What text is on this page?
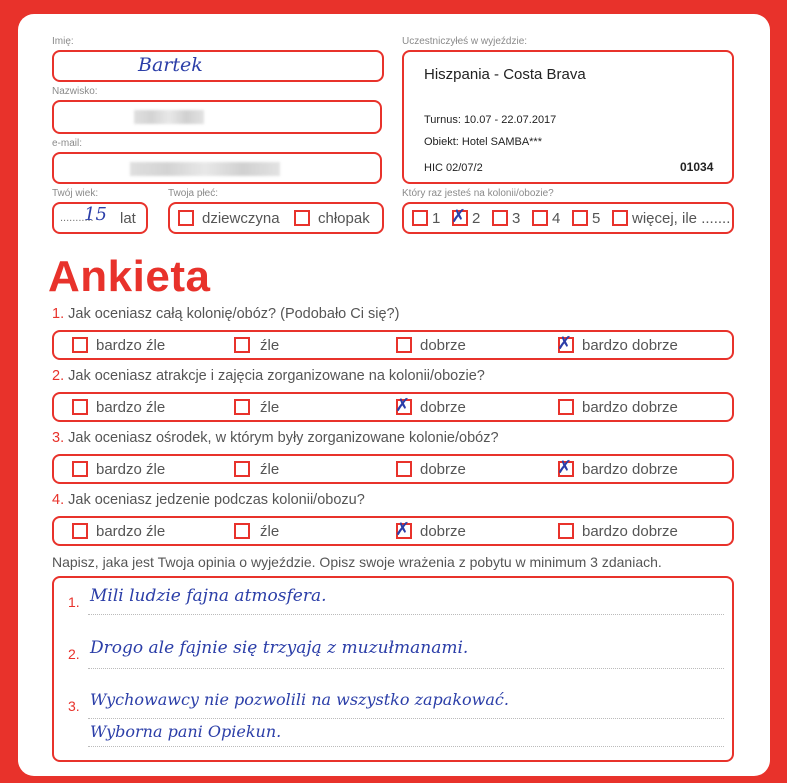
Imię:
Bartek
Nazwisko:
e-mail:
Twój wiek:
...........
15 lat
Twoja płeć:
dziewczyna	chłopak
Uczestniczyłeś w wyjeździe:
Hiszpania - Costa Brava
Turnus: 10.07 - 22.07.2017
Obiekt: Hotel SAMBA***
HIC 02/07/2	01034
Który raz jesteś na kolonii/obozie?
1 ✗ 2 3 4 5 więcej, ile .......
Ankieta
1. Jak oceniasz całą kolonię/obóz? (Podobało Ci się?)
bardzo źle	źle	dobrze	✗ bardzo dobrze
2. Jak oceniasz atrakcje i zajęcia zorganizowane na kolonii/obozie?
bardzo źle	źle	✗ dobrze	bardzo dobrze
3. Jak oceniasz ośrodek, w którym były zorganizowane kolonie/obóz?
bardzo źle	źle	dobrze	✗ bardzo dobrze
4. Jak oceniasz jedzenie podczas kolonii/obozu?
bardzo źle	źle	✗ dobrze	bardzo dobrze
Napisz, jaka jest Twoja opinia o wyjeździe. Opisz swoje wrażenia z pobytu w minimum 3 zdaniach.
1. Mili ludzie fajna atmosfera.
2. Drogo ale fajnie się trzyają z muzułmanami.
3. Wychowawcy nie pozwolili na wszystko zapakować.
Wyborna pani Opiekun.
